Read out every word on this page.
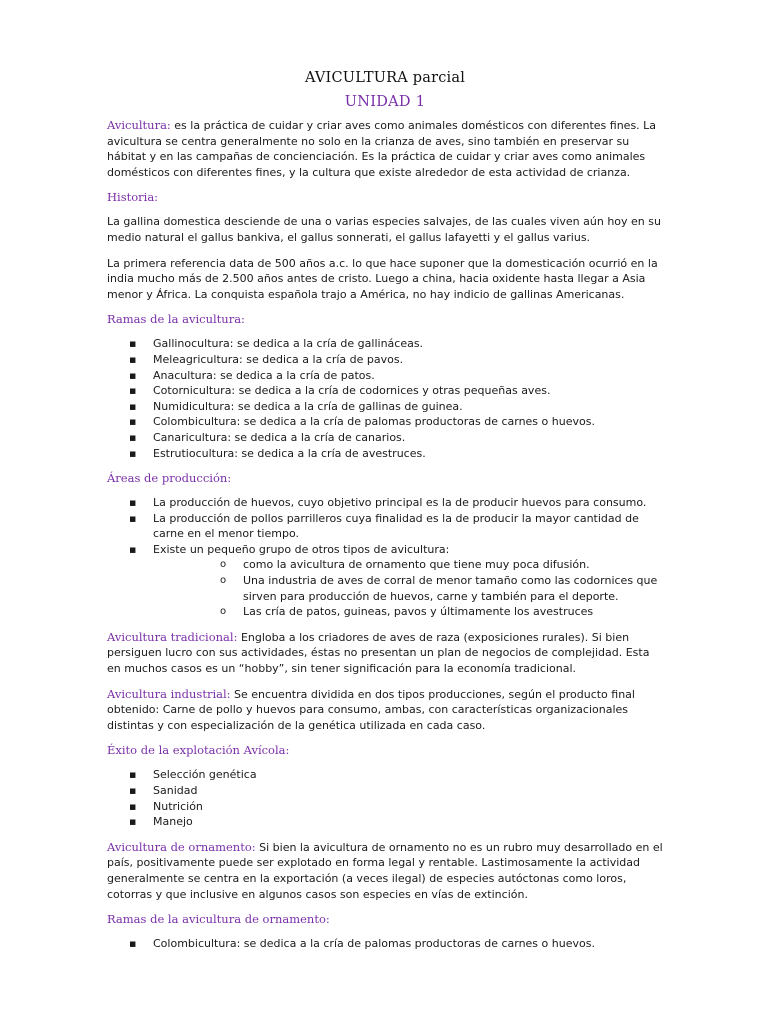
AVICULTURA parcial
UNIDAD 1

Avicultura: es la práctica de cuidar y criar aves como animales domésticos con diferentes fines. La avicultura se centra generalmente no solo en la crianza de aves, sino también en preservar su hábitat y en las campañas de concienciación. Es la práctica de cuidar y criar aves como animales domésticos con diferentes fines, y la cultura que existe alrededor de esta actividad de crianza.

Historia:

La gallina domestica desciende de una o varias especies salvajes, de las cuales viven aún hoy en su medio natural el gallus bankiva, el gallus sonnerati, el gallus lafayetti y el gallus varius.

La primera referencia data de 500 años a.c. lo que hace suponer que la domesticación ocurrió en la india mucho más de 2.500 años antes de cristo. Luego a china, hacia oxidente hasta llegar a Asia menor y África. La conquista española trajo a América, no hay indicio de gallinas Americanas.

Ramas de la avicultura:
▪ Gallinocultura: se dedica a la cría de gallináceas.
▪ Meleagricultura: se dedica a la cría de pavos.
▪ Anacultura: se dedica a la cría de patos.
▪ Cotornicultura: se dedica a la cría de codornices y otras pequeñas aves.
▪ Numidicultura: se dedica a la cría de gallinas de guinea.
▪ Colombicultura: se dedica a la cría de palomas productoras de carnes o huevos.
▪ Canaricultura: se dedica a la cría de canarios.
▪ Estrutiocultura: se dedica a la cría de avestruces.
Áreas de producción:
▪ La producción de huevos, cuyo objetivo principal es la de producir huevos para consumo.
▪ La producción de pollos parrilleros cuya finalidad es la de producir la mayor cantidad de carne en el menor tiempo.
▪ Existe un pequeño grupo de otros tipos de avicultura:
o como la avicultura de ornamento que tiene muy poca difusión.
o Una industria de aves de corral de menor tamaño como las codornices que sirven para producción de huevos, carne y también para el deporte.
o Las cría de patos, guineas, pavos y últimamente los avestruces

Avicultura tradicional: Engloba a los criadores de aves de raza (exposiciones rurales). Si bien persiguen lucro con sus actividades, éstas no presentan un plan de negocios de complejidad. Esta en muchos casos es un “hobby”, sin tener significación para la economía tradicional.

Avicultura industrial: Se encuentra dividida en dos tipos producciones, según el producto final obtenido: Carne de pollo y huevos para consumo, ambas, con características organizacionales distintas y con especialización de la genética utilizada en cada caso.

Éxito de la explotación Avícola:
▪ Selección genética
▪ Sanidad
▪ Nutrición
▪ Manejo

Avicultura de ornamento: Si bien la avicultura de ornamento no es un rubro muy desarrollado en el país, positivamente puede ser explotado en forma legal y rentable. Lastimosamente la actividad generalmente se centra en la exportación (a veces ilegal) de especies autóctonas como loros, cotorras y que inclusive en algunos casos son especies en vías de extinción.

Ramas de la avicultura de ornamento:
▪ Colombicultura: se dedica a la cría de palomas productoras de carnes o huevos.
